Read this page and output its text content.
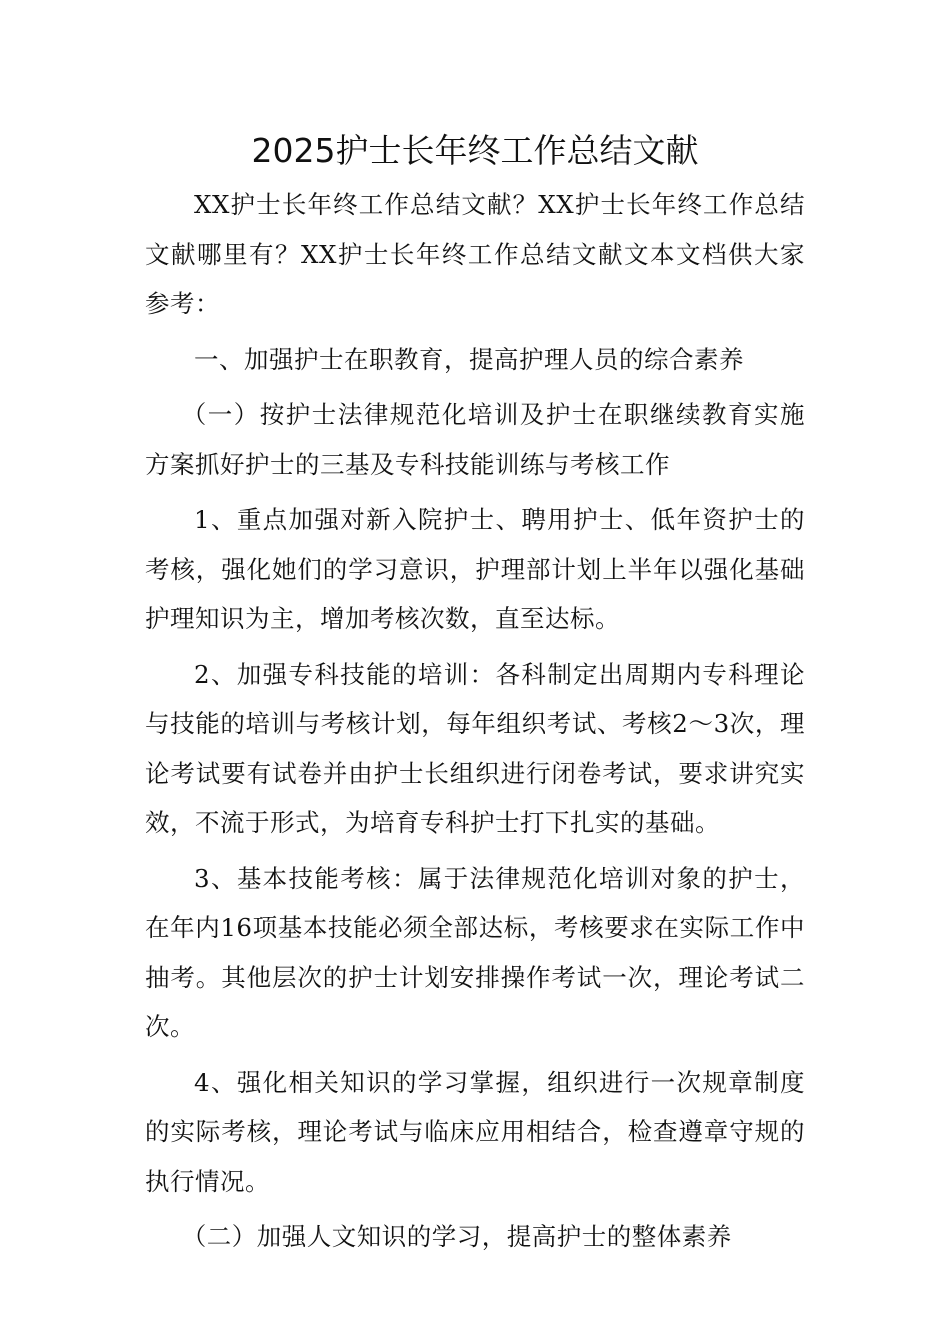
2025护士长年终工作总结文献

XX护士长年终工作总结文献？XX护士长年终工作总结文献哪里有？XX护士长年终工作总结文献文本文档供大家参考：

一、加强护士在职教育，提高护理人员的综合素养

（一）按护士法律规范化培训及护士在职继续教育实施方案抓好护士的三基及专科技能训练与考核工作

1、重点加强对新入院护士、聘用护士、低年资护士的考核，强化她们的学习意识，护理部计划上半年以强化基础护理知识为主，增加考核次数，直至达标。

2、加强专科技能的培训：各科制定出周期内专科理论与技能的培训与考核计划，每年组织考试、考核2～3次，理论考试要有试卷并由护士长组织进行闭卷考试，要求讲究实效，不流于形式，为培育专科护士打下扎实的基础。

3、基本技能考核：属于法律规范化培训对象的护士，在年内16项基本技能必须全部达标，考核要求在实际工作中抽考。其他层次的护士计划安排操作考试一次，理论考试二次。

4、强化相关知识的学习掌握，组织进行一次规章制度的实际考核，理论考试与临床应用相结合，检查遵章守规的执行情况。

（二）加强人文知识的学习，提高护士的整体素养
